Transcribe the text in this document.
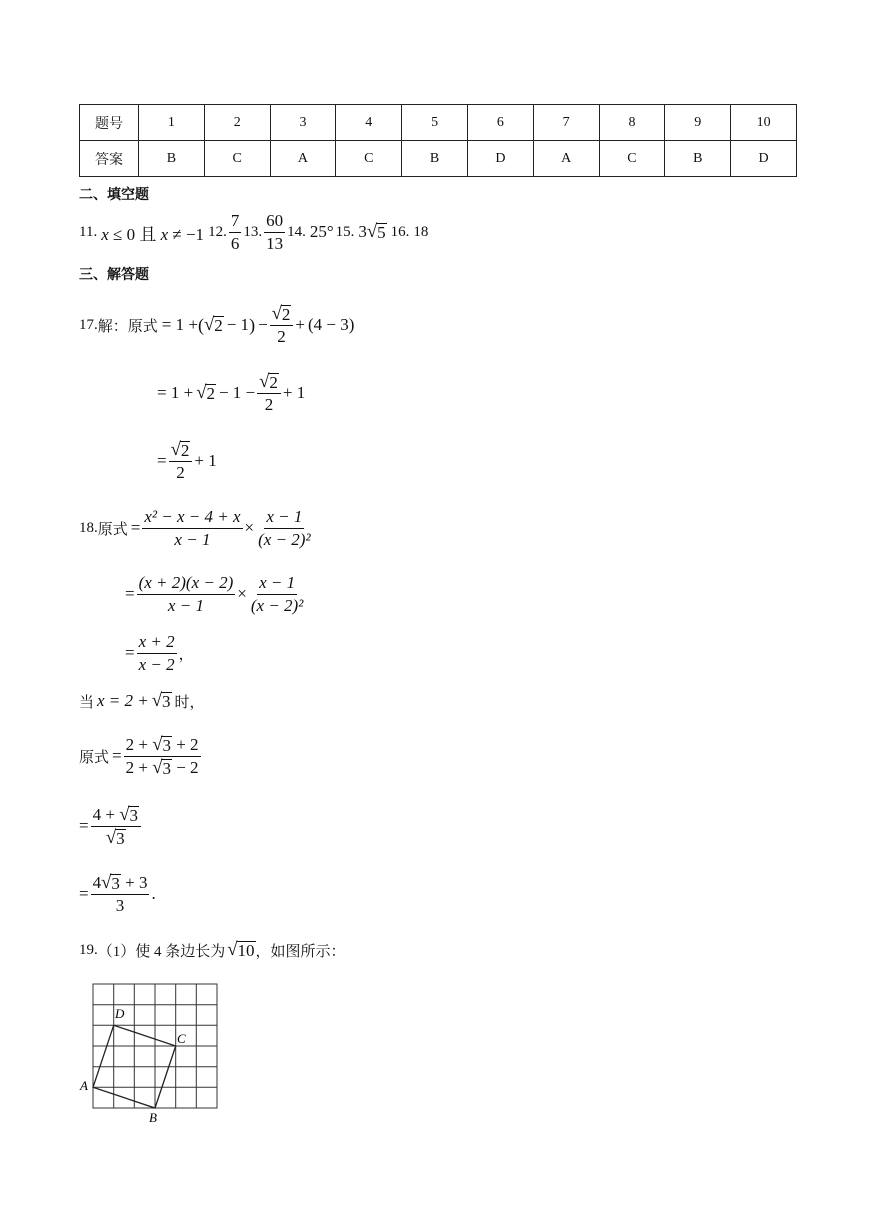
题号	1	2	3	4	5	6	7	8	9	10
答案	B	C	A	C	B	D	A	C	B	D
二、填空题
11. x ≤ 0 且 x ≠ −1 12. $\frac{7}{6} 13$. $\frac{60}{13} 14$. 25° 15. 3 √ 5 16. 18
三、解答题
17. 解：原式 = 1 + ( √ 2 − 1 ) − $\frac{√ 2}{2} + (4 - 3)$
= 1 + √ $2 - 1 - \frac{√ 2}{2} + 1$
= $\frac{√ 2}{2} + 1$
18. 原式 = $\frac{\text{x² − x − 4 + x}}{x - 1} \times \frac{x - 1}{\text{(x − 2)²}}$
= $\frac{(x + 2)(x - 2)}{x - 1} \times \frac{x - 1}{\text{(x − 2)²}}$
= $\frac{x + 2}{x - 2}$ ，
当 x = 2 + √ 3 时，
原式 = $\frac{2 + √ 3 + 2}{2 + √ 3 - 2}$
= $\frac{4 + √ 3}{√ 3}$
= $\frac{4 √ 3 + 3}{3}$ .
19. （1）使 4 条边长为 √ 10 ，如图所示：
A
B
C
D
